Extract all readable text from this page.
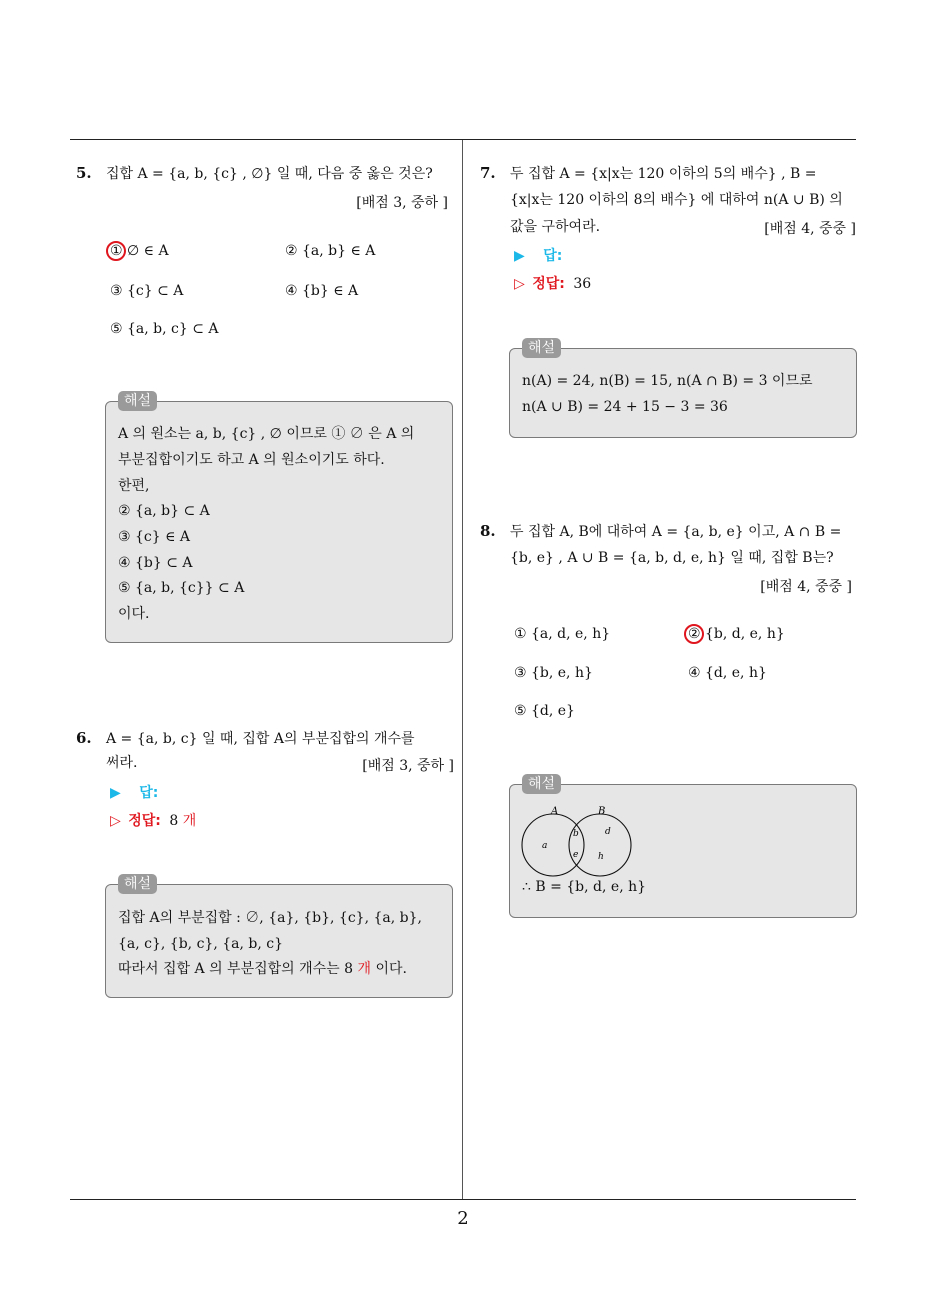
5. 집합 A = {a, b, {c} , ∅} 일 때, 다음 중 옳은 것은?
[배점 3, 중하 ]
① ∅ ∈ A	② {a, b} ∈ A
③ {c} ⊂ A	④ {b} ∈ A
⑤ {a, b, c} ⊂ A
해설
A 의 원소는 a, b, {c} , ∅ 이므로 ① ∅ 은 A 의
부분집합이기도 하고 A 의 원소이기도 하다.
한편,
② {a, b} ⊂ A
③ {c} ∈ A
④ {b} ⊂ A
⑤ {a, b, {c}} ⊂ A
이다.
6. A = {a, b, c} 일 때, 집합 A의 부분집합의 개수를
써라.	[배점 3, 중하 ]
▶ 답:
▷ 정답: 8 개
해설
집합 A의 부분집합 : ∅, {a}, {b}, {c}, {a, b},
{a, c}, {b, c}, {a, b, c}
따라서 집합 A 의 부분집합의 개수는 8 개 이다.
7. 두 집합 A = {x|x는 120 이하의 5의 배수} , B =
{x|x는 120 이하의 8의 배수} 에 대하여 n(A ∪ B) 의
값을 구하여라.	[배점 4, 중중 ]
▶ 답:
▷ 정답: 36
해설
n(A) = 24, n(B) = 15, n(A ∩ B) = 3 이므로
n(A ∪ B) = 24 + 15 − 3 = 36
8. 두 집합 A, B에 대하여 A = {a, b, e} 이고, A ∩ B =
{b, e} , A ∪ B = {a, b, d, e, h} 일 때, 집합 B는?
[배점 4, 중중 ]
① {a, d, e, h}	② {b, d, e, h}
③ {b, e, h}	④ {d, e, h}
⑤ {d, e}
해설
A	B
a
b
e
d
h
∴ B = {b, d, e, h}
2
